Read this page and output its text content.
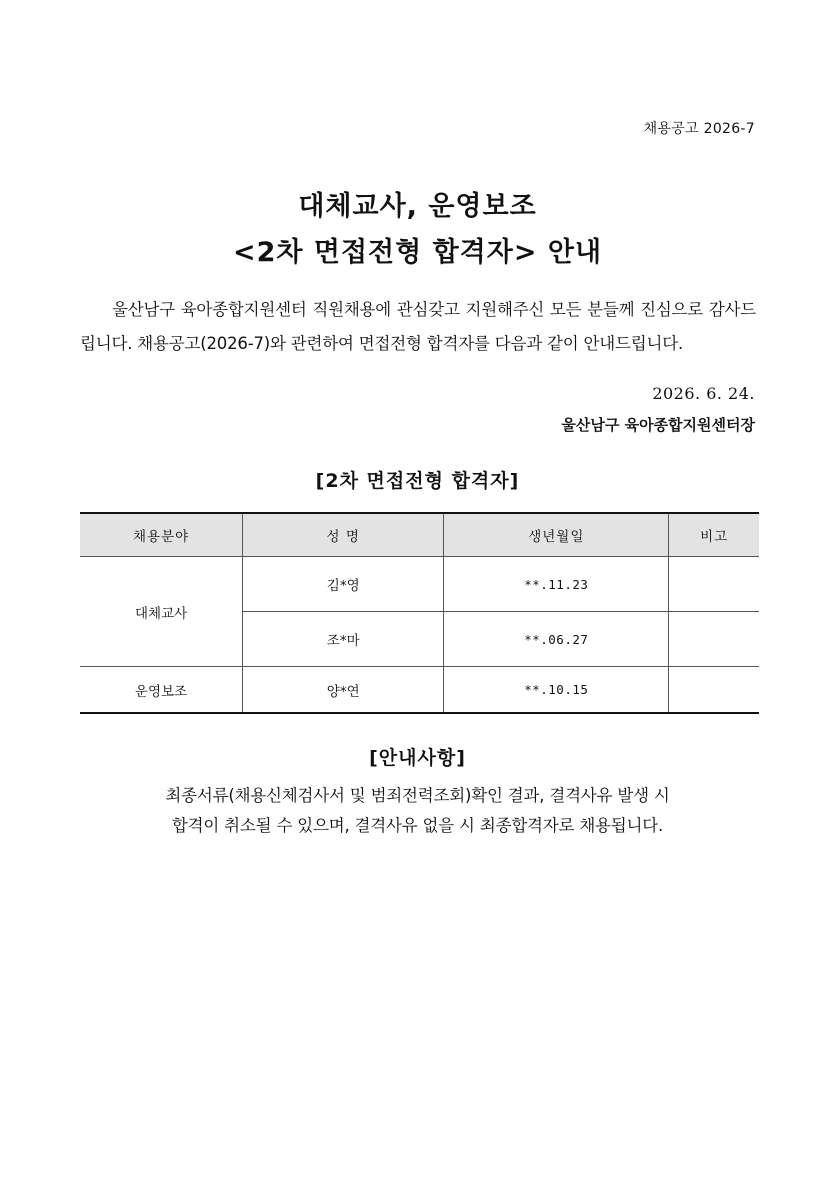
채용공고 2026-7
대체교사, 운영보조
<2차 면접전형 합격자> 안내

울산남구 육아종합지원센터 직원채용에 관심갖고 지원해주신 모든 분들께 진심으로 감사드립니다. 채용공고(2026-7)와 관련하여 면접전형 합격자를 다음과 같이 안내드립니다.

2026. 6. 24.
울산남구 육아종합지원센터장
[2차 면접전형 합격자]
채용분야	성 명	생년월일	비고
대체교사	김*영	**.11.23	
	조*마	**.06.27	
운영보조	양*연	**.10.15	
[안내사항]
최종서류(채용신체검사서 및 범죄전력조회)확인 결과, 결격사유 발생 시
합격이 취소될 수 있으며, 결격사유 없을 시 최종합격자로 채용됩니다.
